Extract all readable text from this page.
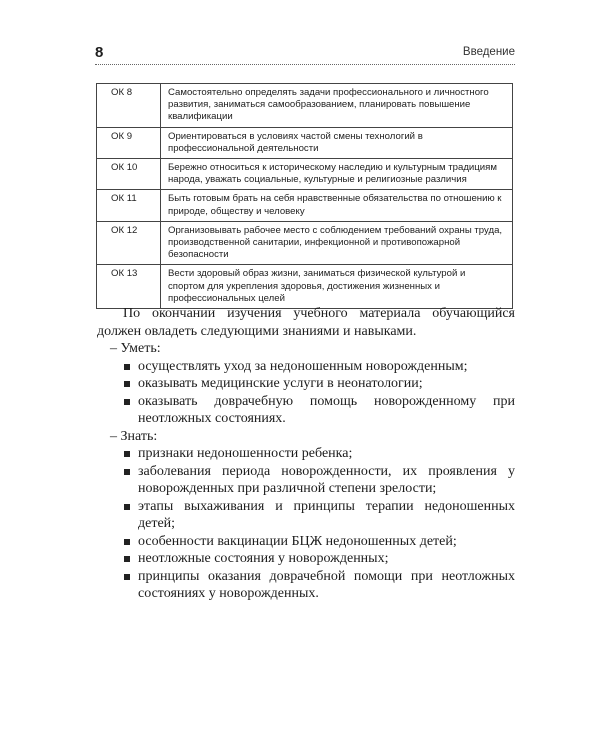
8	Введение
ОК 8	Самостоятельно определять задачи профессионального и личностного развития, заниматься самообразованием, планировать повышение квалификации
ОК 9	Ориентироваться в условиях частой смены технологий в профессиональной деятельности
ОК 10	Бережно относиться к историческому наследию и культурным традициям народа, уважать социальные, культурные и религиозные различия
ОК 11	Быть готовым брать на себя нравственные обязательства по отношению к природе, обществу и человеку
ОК 12	Организовывать рабочее место с соблюдением требований охраны труда, производственной санитарии, инфекционной и противопожарной безопасности
ОК 13	Вести здоровый образ жизни, заниматься физической культурой и спортом для укрепления здоровья, достижения жизненных и профессиональных целей

По окончании изучения учебного материала обучающийся должен овладеть следующими знаниями и навыками.

– Уметь:

осуществлять уход за недоношенным новорожденным;
оказывать медицинские услуги в неонатологии;
оказывать доврачебную помощь новорожденному при неотложных состояниях.

– Знать:

признаки недоношенности ребенка;
заболевания периода новорожденности, их проявления у новорожденных при различной степени зрелости;
этапы выхаживания и принципы терапии недоношенных детей;
особенности вакцинации БЦЖ недоношенных детей;
неотложные состояния у новорожденных;
принципы оказания доврачебной помощи при неотложных состояниях у новорожденных.
